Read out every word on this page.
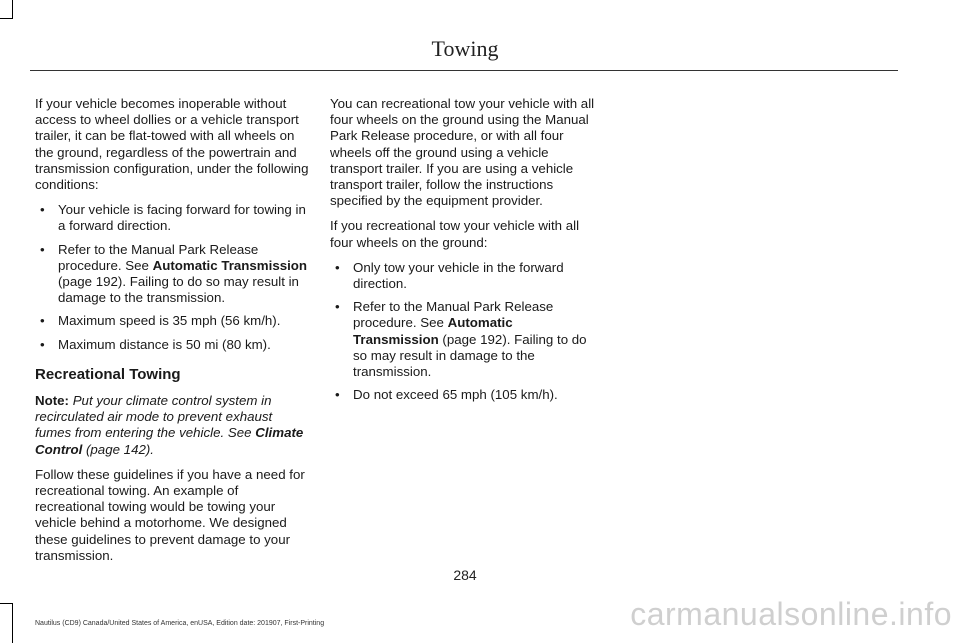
Towing

If your vehicle becomes inoperable without access to wheel dollies or a vehicle transport trailer, it can be flat-towed with all wheels on the ground, regardless of the powertrain and transmission configuration, under the following conditions:

• Your vehicle is facing forward for towing in a forward direction.
• Refer to the Manual Park Release procedure. See Automatic Transmission (page 192). Failing to do so may result in damage to the transmission.
• Maximum speed is 35 mph (56 km/h).
• Maximum distance is 50 mi (80 km).
Recreational Towing

Note: Put your climate control system in recirculated air mode to prevent exhaust fumes from entering the vehicle. See Climate Control (page 142).

Follow these guidelines if you have a need for recreational towing. An example of recreational towing would be towing your vehicle behind a motorhome. We designed these guidelines to prevent damage to your transmission.

You can recreational tow your vehicle with all four wheels on the ground using the Manual Park Release procedure, or with all four wheels off the ground using a vehicle transport trailer. If you are using a vehicle transport trailer, follow the instructions specified by the equipment provider.

If you recreational tow your vehicle with all four wheels on the ground:

• Only tow your vehicle in the forward direction.
• Refer to the Manual Park Release procedure. See Automatic Transmission (page 192). Failing to do so may result in damage to the transmission.
• Do not exceed 65 mph (105 km/h).
284
Nautilus (CD9) Canada/United States of America, enUSA, Edition date: 201907, First-Printing	carmanualsonline.info
